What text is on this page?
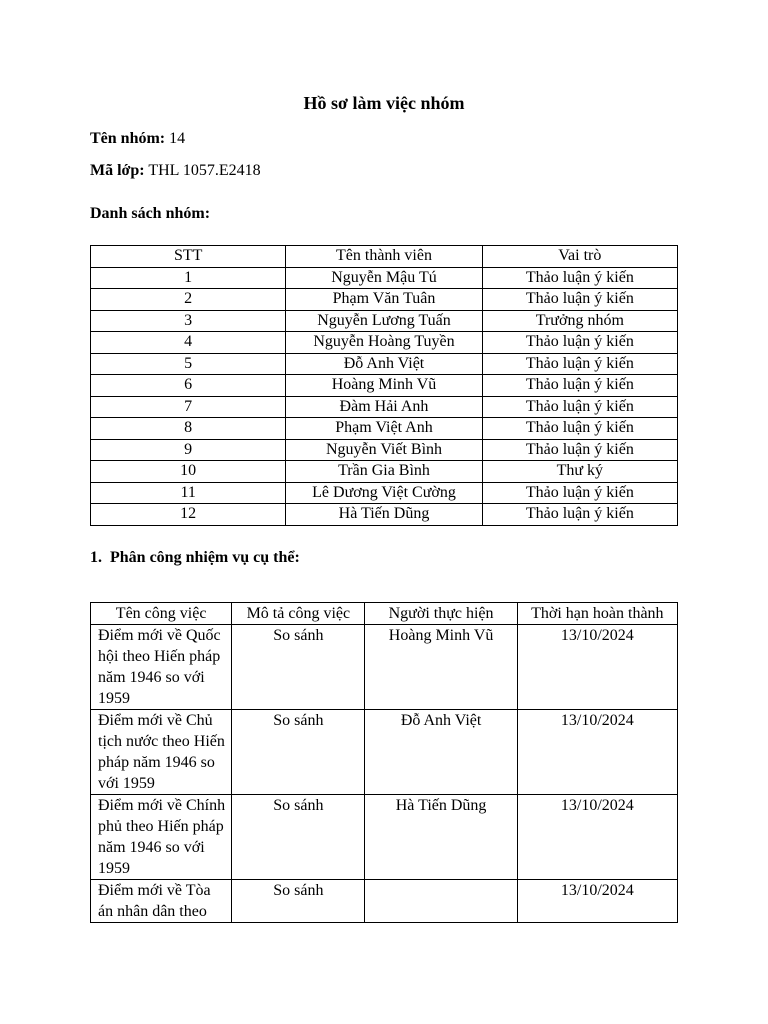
Hồ sơ làm việc nhóm
Tên nhóm: 14
Mã lớp: THL 1057.E2418
Danh sách nhóm:
STT	Tên thành viên	Vai trò
1	Nguyễn Mậu Tú	Thảo luận ý kiến
2	Phạm Văn Tuân	Thảo luận ý kiến
3	Nguyễn Lương Tuấn	Trưởng nhóm
4	Nguyễn Hoàng Tuyền	Thảo luận ý kiến
5	Đỗ Anh Việt	Thảo luận ý kiến
6	Hoàng Minh Vũ	Thảo luận ý kiến
7	Đàm Hải Anh	Thảo luận ý kiến
8	Phạm Việt Anh	Thảo luận ý kiến
9	Nguyễn Viết Bình	Thảo luận ý kiến
10	Trần Gia Bình	Thư ký
11	Lê Dương Việt Cường	Thảo luận ý kiến
12	Hà Tiến Dũng	Thảo luận ý kiến
1. Phân công nhiệm vụ cụ thể:
Tên công việc	Mô tả công việc	Người thực hiện	Thời hạn hoàn thành
Điểm mới về Quốc hội theo Hiến pháp năm 1946 so với 1959	So sánh	Hoàng Minh Vũ	13/10/2024
Điểm mới về Chủ tịch nước theo Hiến pháp năm 1946 so với 1959	So sánh	Đỗ Anh Việt	13/10/2024
Điểm mới về Chính phủ theo Hiến pháp năm 1946 so với 1959	So sánh	Hà Tiến Dũng	13/10/2024
Điểm mới về Tòa án nhân dân theo	So sánh		13/10/2024
